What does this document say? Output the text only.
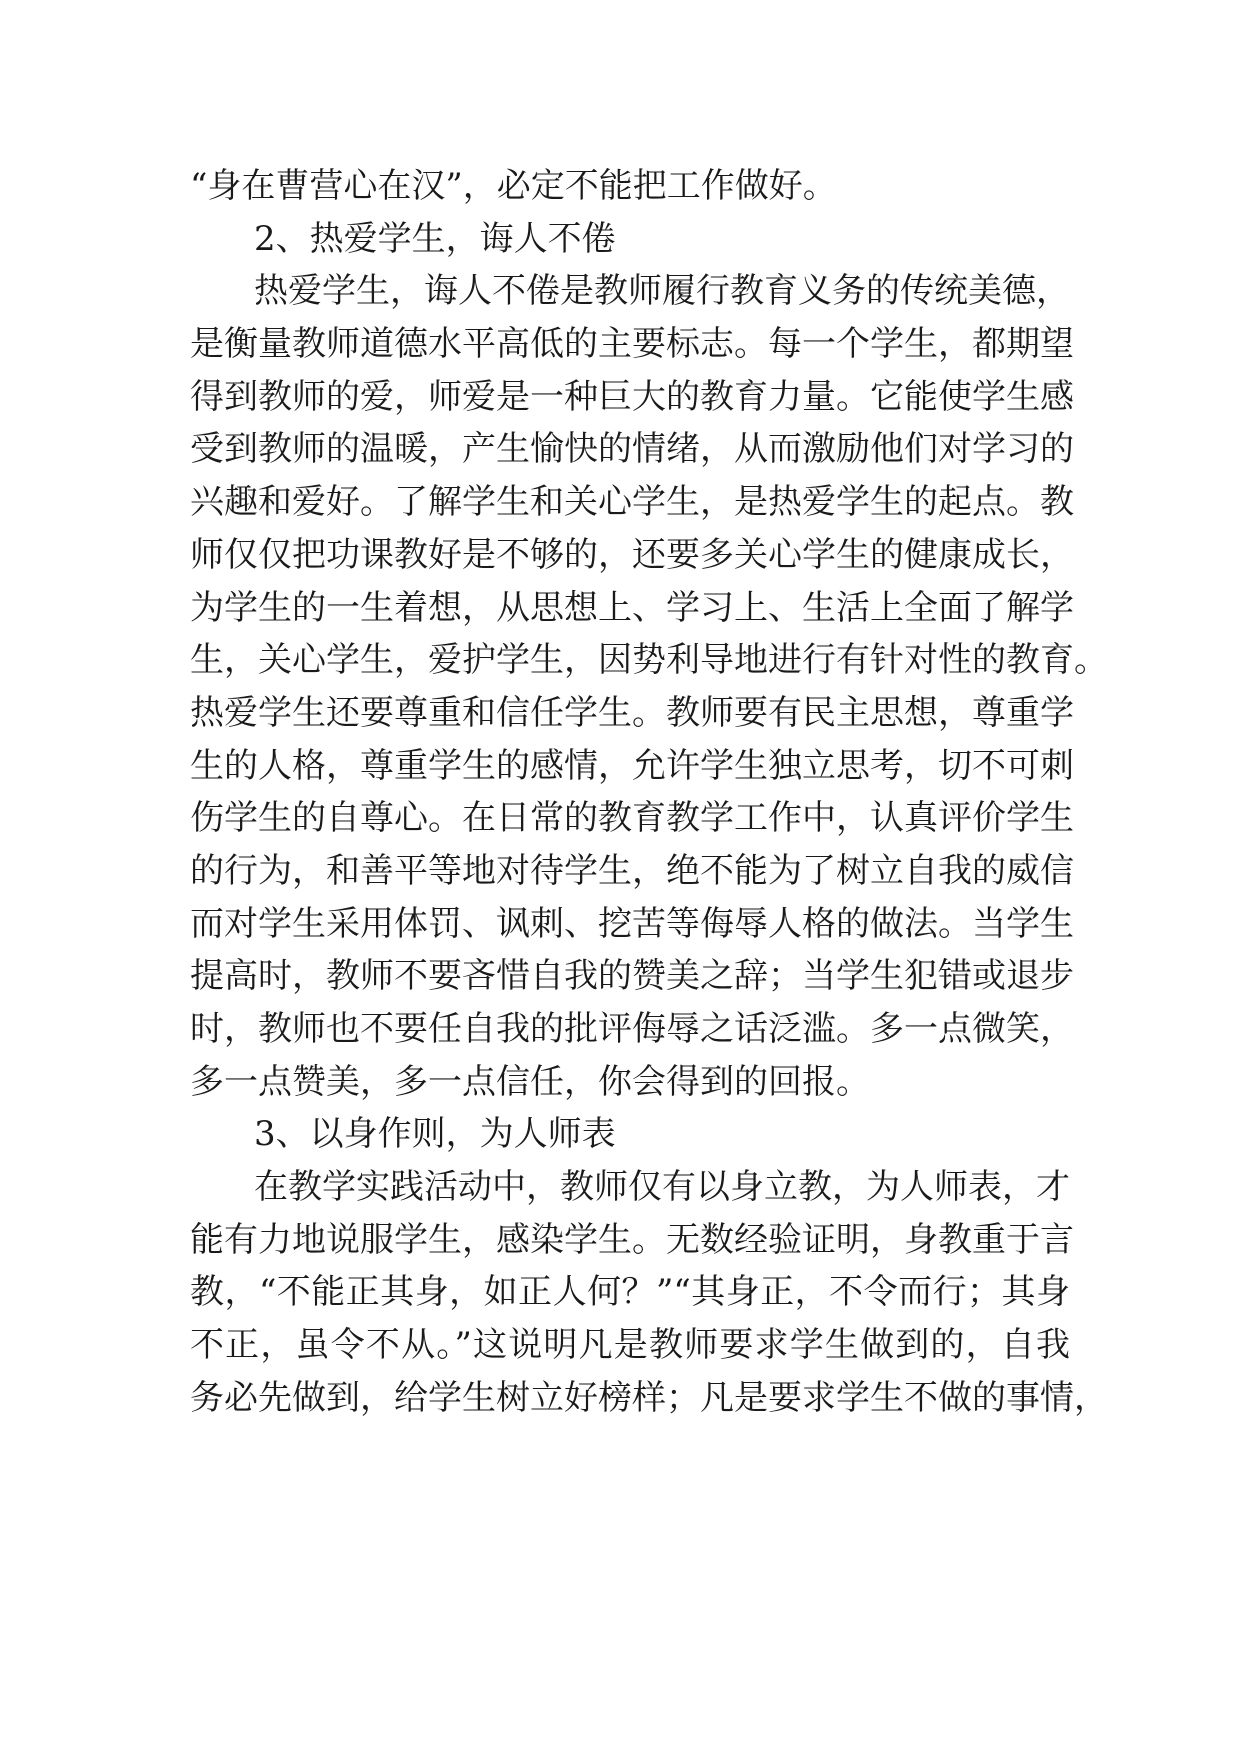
“身在曹营心在汉”，必定不能把工作做好。
2、热爱学生，诲人不倦
热爱学生，诲人不倦是教师履行教育义务的传统美德，
是衡量教师道德水平高低的主要标志。每一个学生，都期望
得到教师的爱，师爱是一种巨大的教育力量。它能使学生感
受到教师的温暖，产生愉快的情绪，从而激励他们对学习的
兴趣和爱好。了解学生和关心学生，是热爱学生的起点。教
师仅仅把功课教好是不够的，还要多关心学生的健康成长，
为学生的一生着想，从思想上、学习上、生活上全面了解学
生，关心学生，爱护学生，因势利导地进行有针对性的教育。
热爱学生还要尊重和信任学生。教师要有民主思想，尊重学
生的人格，尊重学生的感情，允许学生独立思考，切不可刺
伤学生的自尊心。在日常的教育教学工作中，认真评价学生
的行为，和善平等地对待学生，绝不能为了树立自我的威信
而对学生采用体罚、讽刺、挖苦等侮辱人格的做法。当学生
提高时，教师不要吝惜自我的赞美之辞；当学生犯错或退步
时，教师也不要任自我的批评侮辱之话泛滥。多一点微笑，
多一点赞美，多一点信任，你会得到的回报。
3、以身作则，为人师表
在教学实践活动中，教师仅有以身立教，为人师表，才
能有力地说服学生，感染学生。无数经验证明，身教重于言
教，“不能正其身，如正人何？”“其身正，不令而行；其身
不正，虽令不从。”这说明凡是教师要求学生做到的，自我
务必先做到，给学生树立好榜样；凡是要求学生不做的事情，
